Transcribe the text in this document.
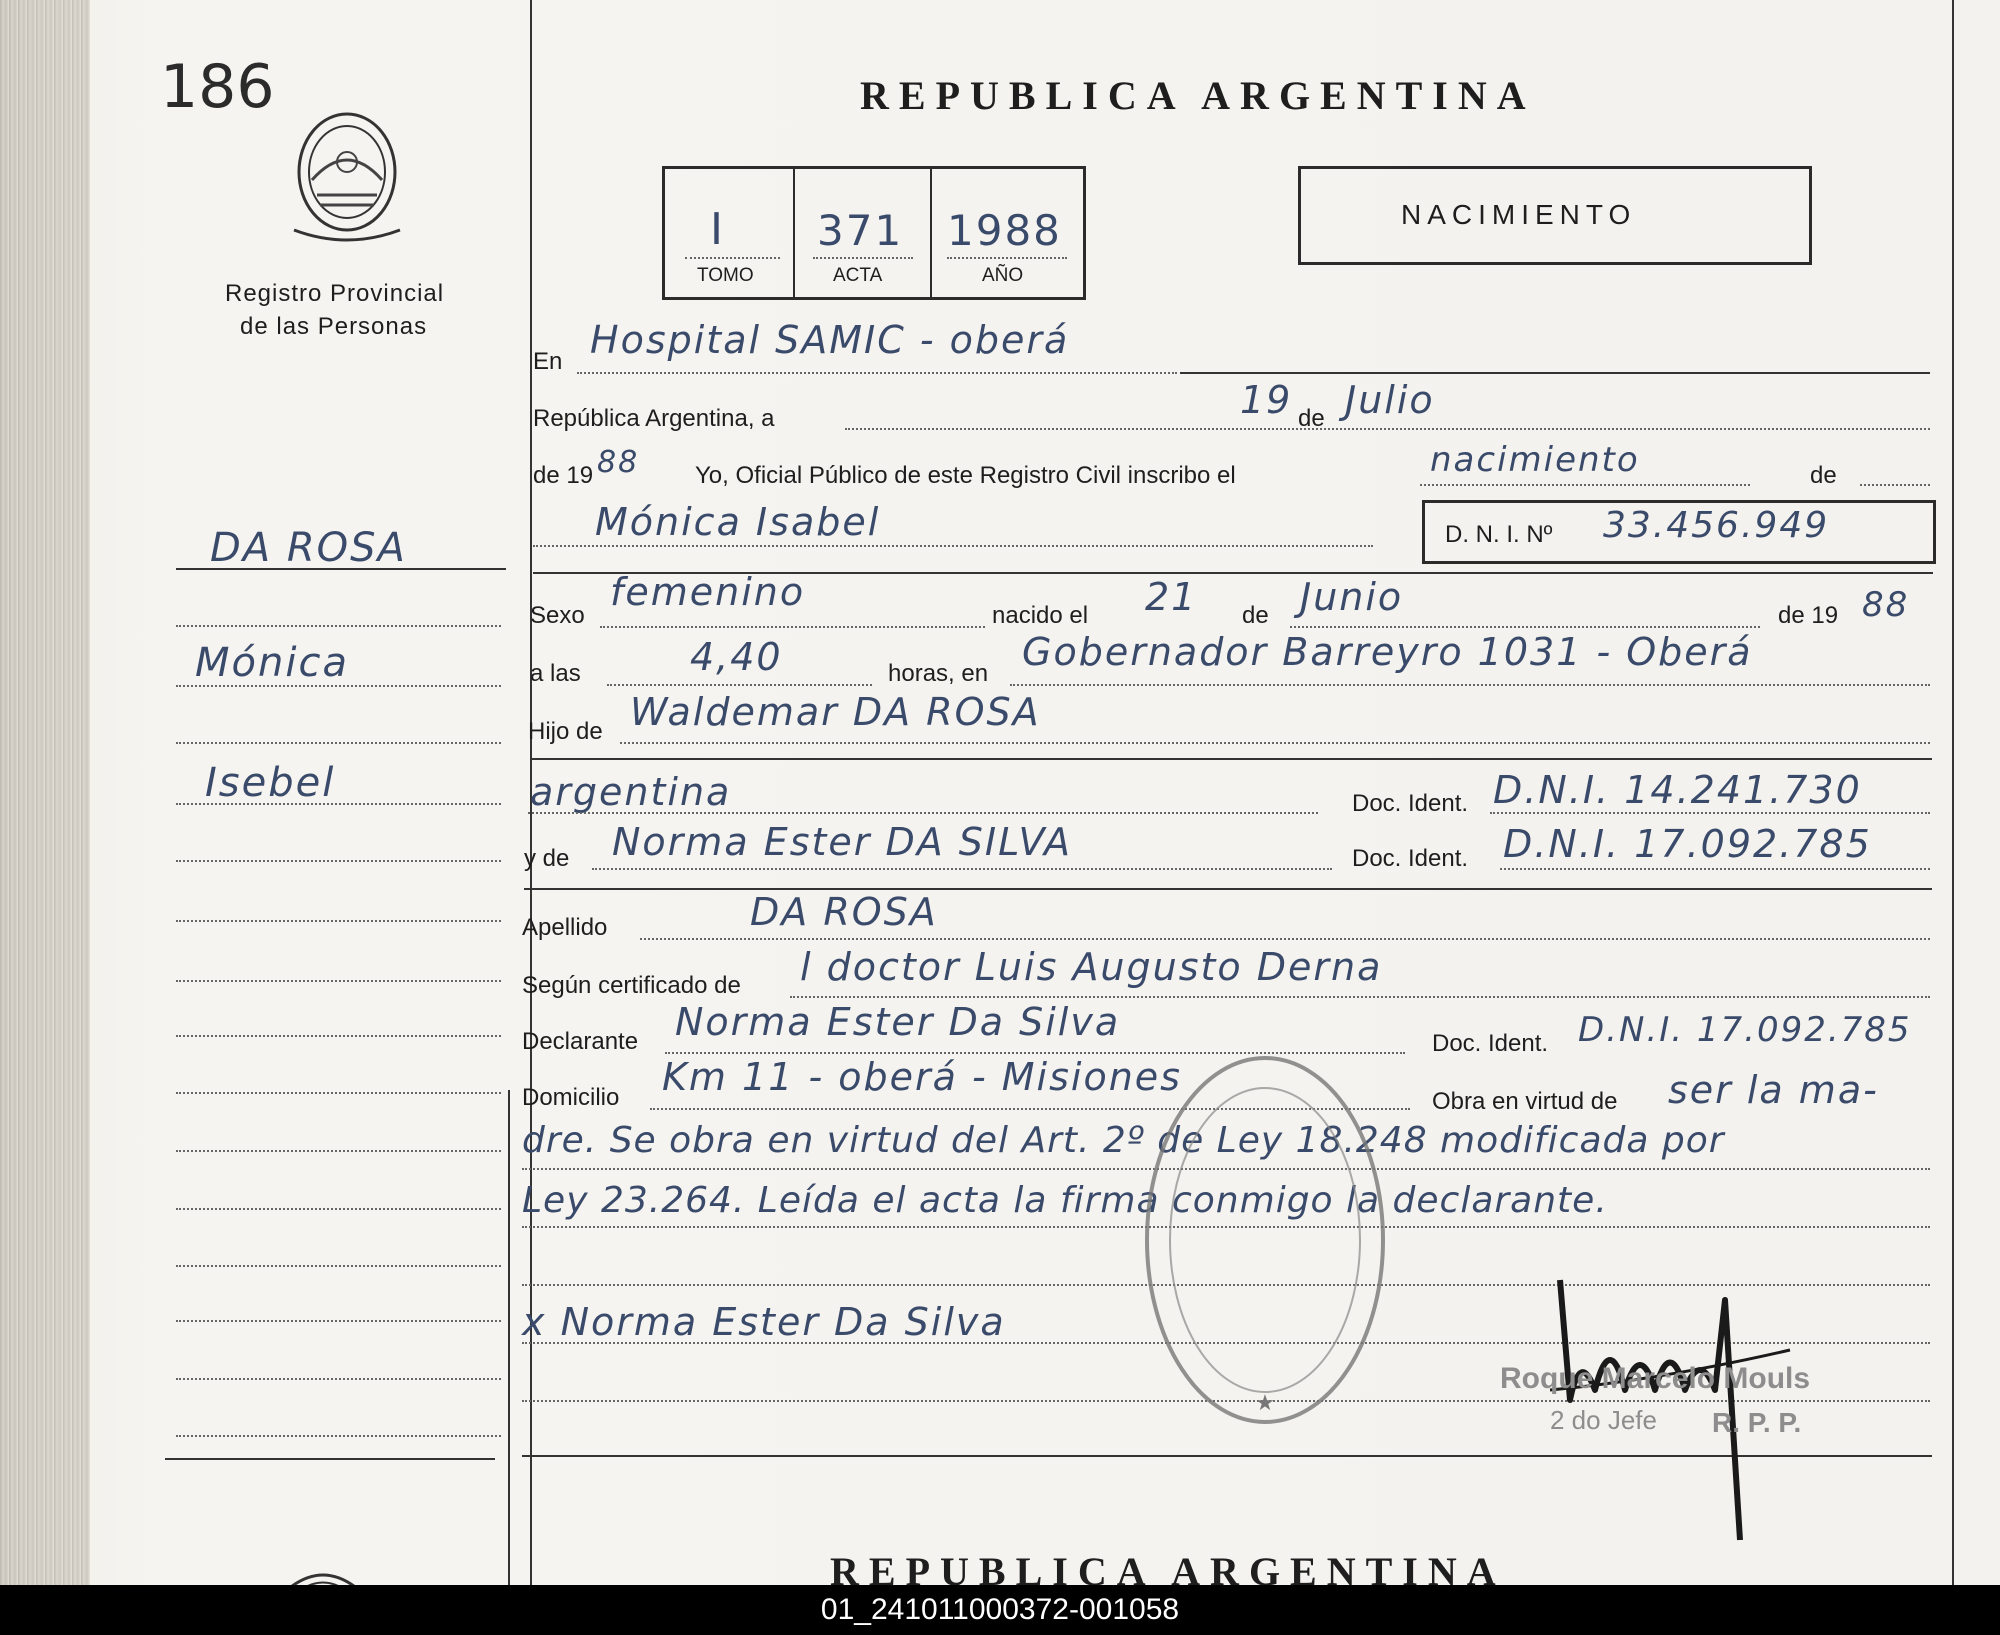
186
Registro Provincial
de las Personas
DA ROSA
Mónica
Isebel
REPUBLICA ARGENTINA
I 371 1988
TOMO	ACTA	AÑO
NACIMIENTO
En Hospital SAMIC - oberá
República Argentina, a	19 de Julio
de 19 88 Yo, Oficial Público de este Registro Civil inscribo el	nacimiento	de
Mónica Isabel	D. N. I. Nº 33.456.949
Sexo
femenino
nacido el 21 de Junio	de 19 88
a las	4,40	horas, en Gobernador Barreyro 1031 - Oberá
Hijo de Waldemar DA ROSA
argentina	Doc. Ident. D.N.I. 14.241.730
y de Norma Ester DA SILVA	Doc. Ident. D.N.I. 17.092.785
Apellido	DA ROSA
Según certificado de l doctor Luis Augusto Derna
Declarante Norma Ester Da Silva	Doc. Ident. D.N.I. 17.092.785
Domicilio Km 11 - oberá - Misiones
Obra en virtud de ser la ma-
dre. Se obra en virtud del Art. 2º de Ley 18.248 modificada por
Ley 23.264. Leída el acta la firma conmigo la declarante.
x Norma Ester Da Silva
★
Roque Marcelo Mouls
2 do Jefe R. P. P.
REPUBLICA ARGENTINA
01_241011000372-001058
